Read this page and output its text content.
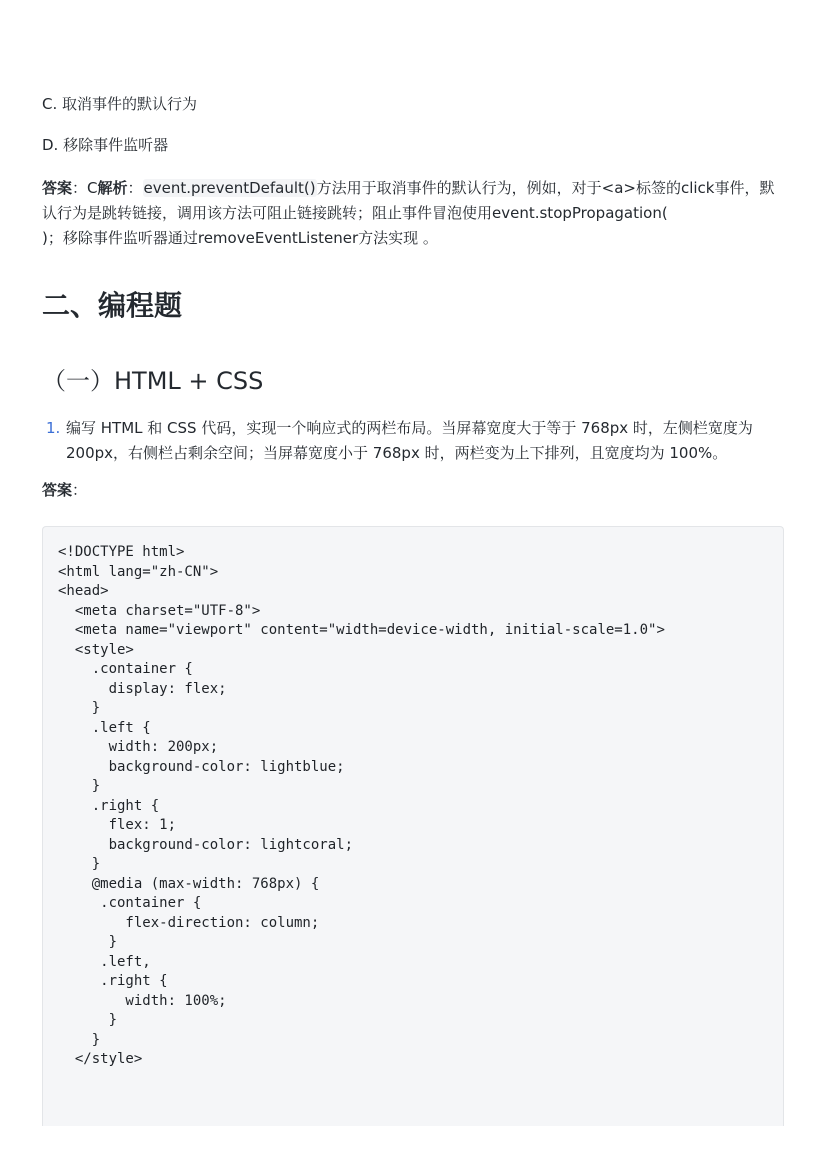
C. 取消事件的默认行为
D. 移除事件监听器
答案：C解析：event.preventDefault()方法用于取消事件的默认行为，例如，对于<a>标签的click事件，默认行为是跳转链接，调用该方法可阻止链接跳转；阻止事件冒泡使用event.stopPropagation(
)；移除事件监听器通过removeEventListener方法实现 。
二、编程题
（一）HTML + CSS
1. 编写 HTML 和 CSS 代码，实现一个响应式的两栏布局。当屏幕宽度大于等于 768px 时，左侧栏宽度为 200px，右侧栏占剩余空间；当屏幕宽度小于 768px 时，两栏变为上下排列，且宽度均为 100%。
答案：
<!DOCTYPE html>
<html lang="zh-CN">
<head>
<meta charset="UTF-8">
<meta name="viewport" content="width=device-width, initial-scale=1.0">
<style>
.container {
display: flex;
}
.left {
width: 200px;
background-color: lightblue;
}
.right {
flex: 1;
background-color: lightcoral;
}
@media (max-width: 768px) {
.container {
flex-direction: column;
}
.left,
.right {
width: 100%;
}
}
</style>
